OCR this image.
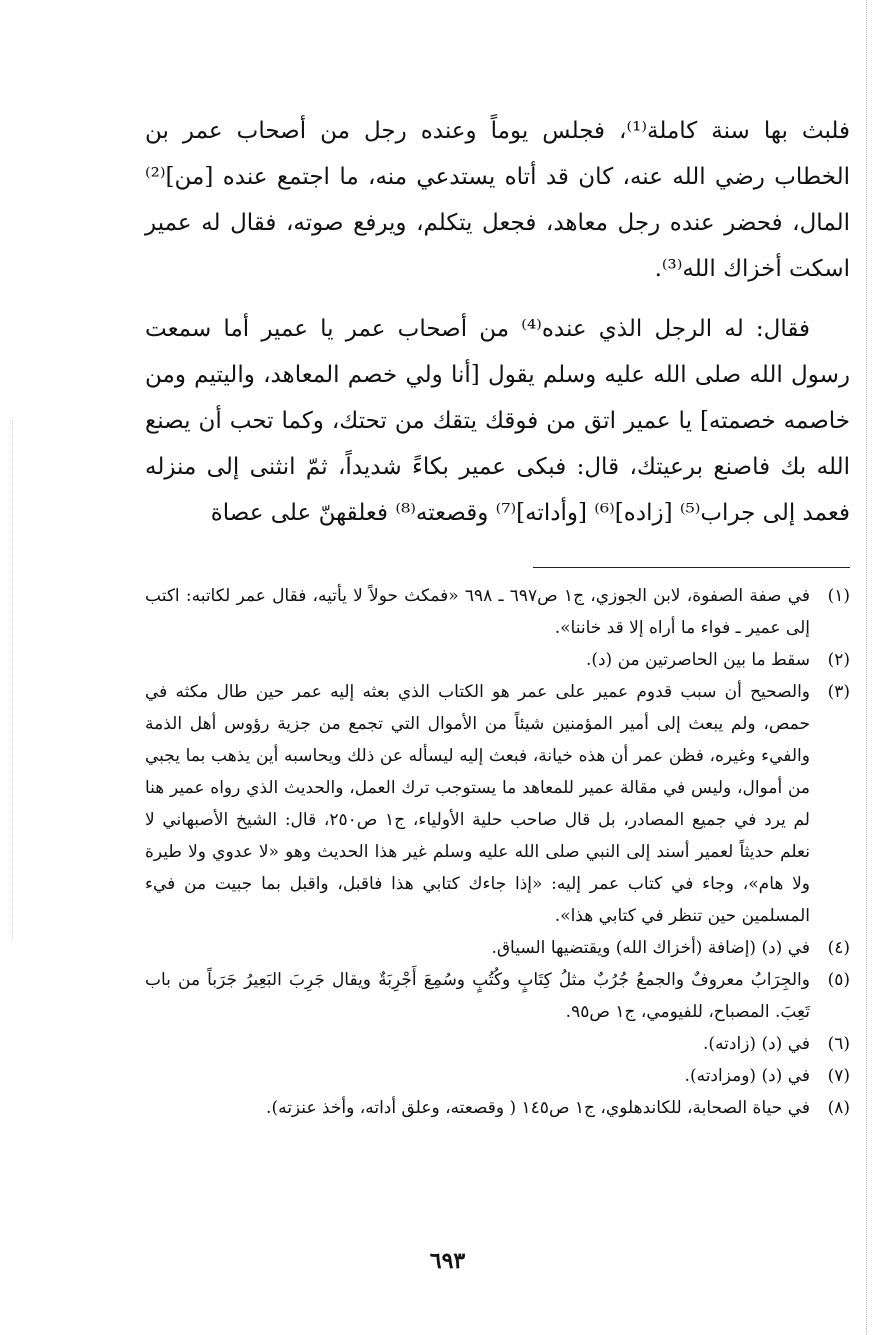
فلبث بها سنة كاملة⁽¹⁾، فجلس يوماً وعنده رجل من أصحاب عمر بن الخطاب رضي الله عنه، كان قد أتاه يستدعي منه، ما اجتمع عنده [من]⁽²⁾ المال، فحضر عنده رجل معاهد، فجعل يتكلم، ويرفع صوته، فقال له عمير اسكت أخزاك الله⁽³⁾.

فقال: له الرجل الذي عنده⁽⁴⁾ من أصحاب عمر يا عمير أما سمعت رسول الله صلى الله عليه وسلم يقول [أنا ولي خصم المعاهد، واليتيم ومن خاصمه خصمته] يا عمير اتق من فوقك يتقك من تحتك، وكما تحب أن يصنع الله بك فاصنع برعيتك، قال: فبكى عمير بكاءً شديداً، ثمّ انثنى إلى منزله فعمد إلى جراب⁽⁵⁾ [زاده]⁽⁶⁾ [وأداته]⁽⁷⁾ وقصعته⁽⁸⁾ فعلقهنّ على عصاة

(١)
في صفة الصفوة، لابن الجوزي، ج١ ص٦٩٧ ـ ٦٩٨ «فمكث حولاً لا يأتيه، فقال عمر لكاتبه: اكتب إلى عمير ـ فواء ما أراه إلا قد خاننا».
(٢)
سقط ما بين الحاصرتين من (د).
(٣)
والصحيح أن سبب قدوم عمير على عمر هو الكتاب الذي بعثه إليه عمر حين طال مكثه في حمص، ولم يبعث إلى أمير المؤمنين شيئاً من الأموال التي تجمع من جزية رؤوس أهل الذمة والفيء وغيره، فظن عمر أن هذه خيانة، فبعث إليه ليسأله عن ذلك ويحاسبه أين يذهب بما يجبي من أموال، وليس في مقالة عمير للمعاهد ما يستوجب ترك العمل، والحديث الذي رواه عمير هنا لم يرد في جميع المصادر، بل قال صاحب حلية الأولياء، ج١ ص٢٥٠، قال: الشيخ الأصبهاني لا نعلم حديثاً لعمير أسند إلى النبي صلى الله عليه وسلم غير هذا الحديث وهو «لا عدوي ولا طيرة ولا هام»، وجاء في كتاب عمر إليه: «إذا جاءك كتابي هذا فاقبل، واقبل بما جبيت من فيء المسلمين حين تنظر في كتابي هذا».
(٤)
في (د) (إضافة (أخزاك الله) ويقتضيها السياق.
(٥)
والجِرَابُ معروفٌ والجمعُ جُرُبٌ مثلُ كِتَابٍ وكُتُبٍ وسُمِعَ أَجْرِبَةٌ ويقال جَرِبَ البَعِيرُ جَرَباً من باب تَعِبَ. المصباح، للفيومي، ج١ ص٩٥.
(٦)
في (د) (زادته).
(٧)
في (د) (ومزادته).
(٨)
في حياة الصحابة، للكاندهلوي، ج١ ص١٤٥ ( وقصعته، وعلق أداته، وأخذ عنزته).
٦٩٣
